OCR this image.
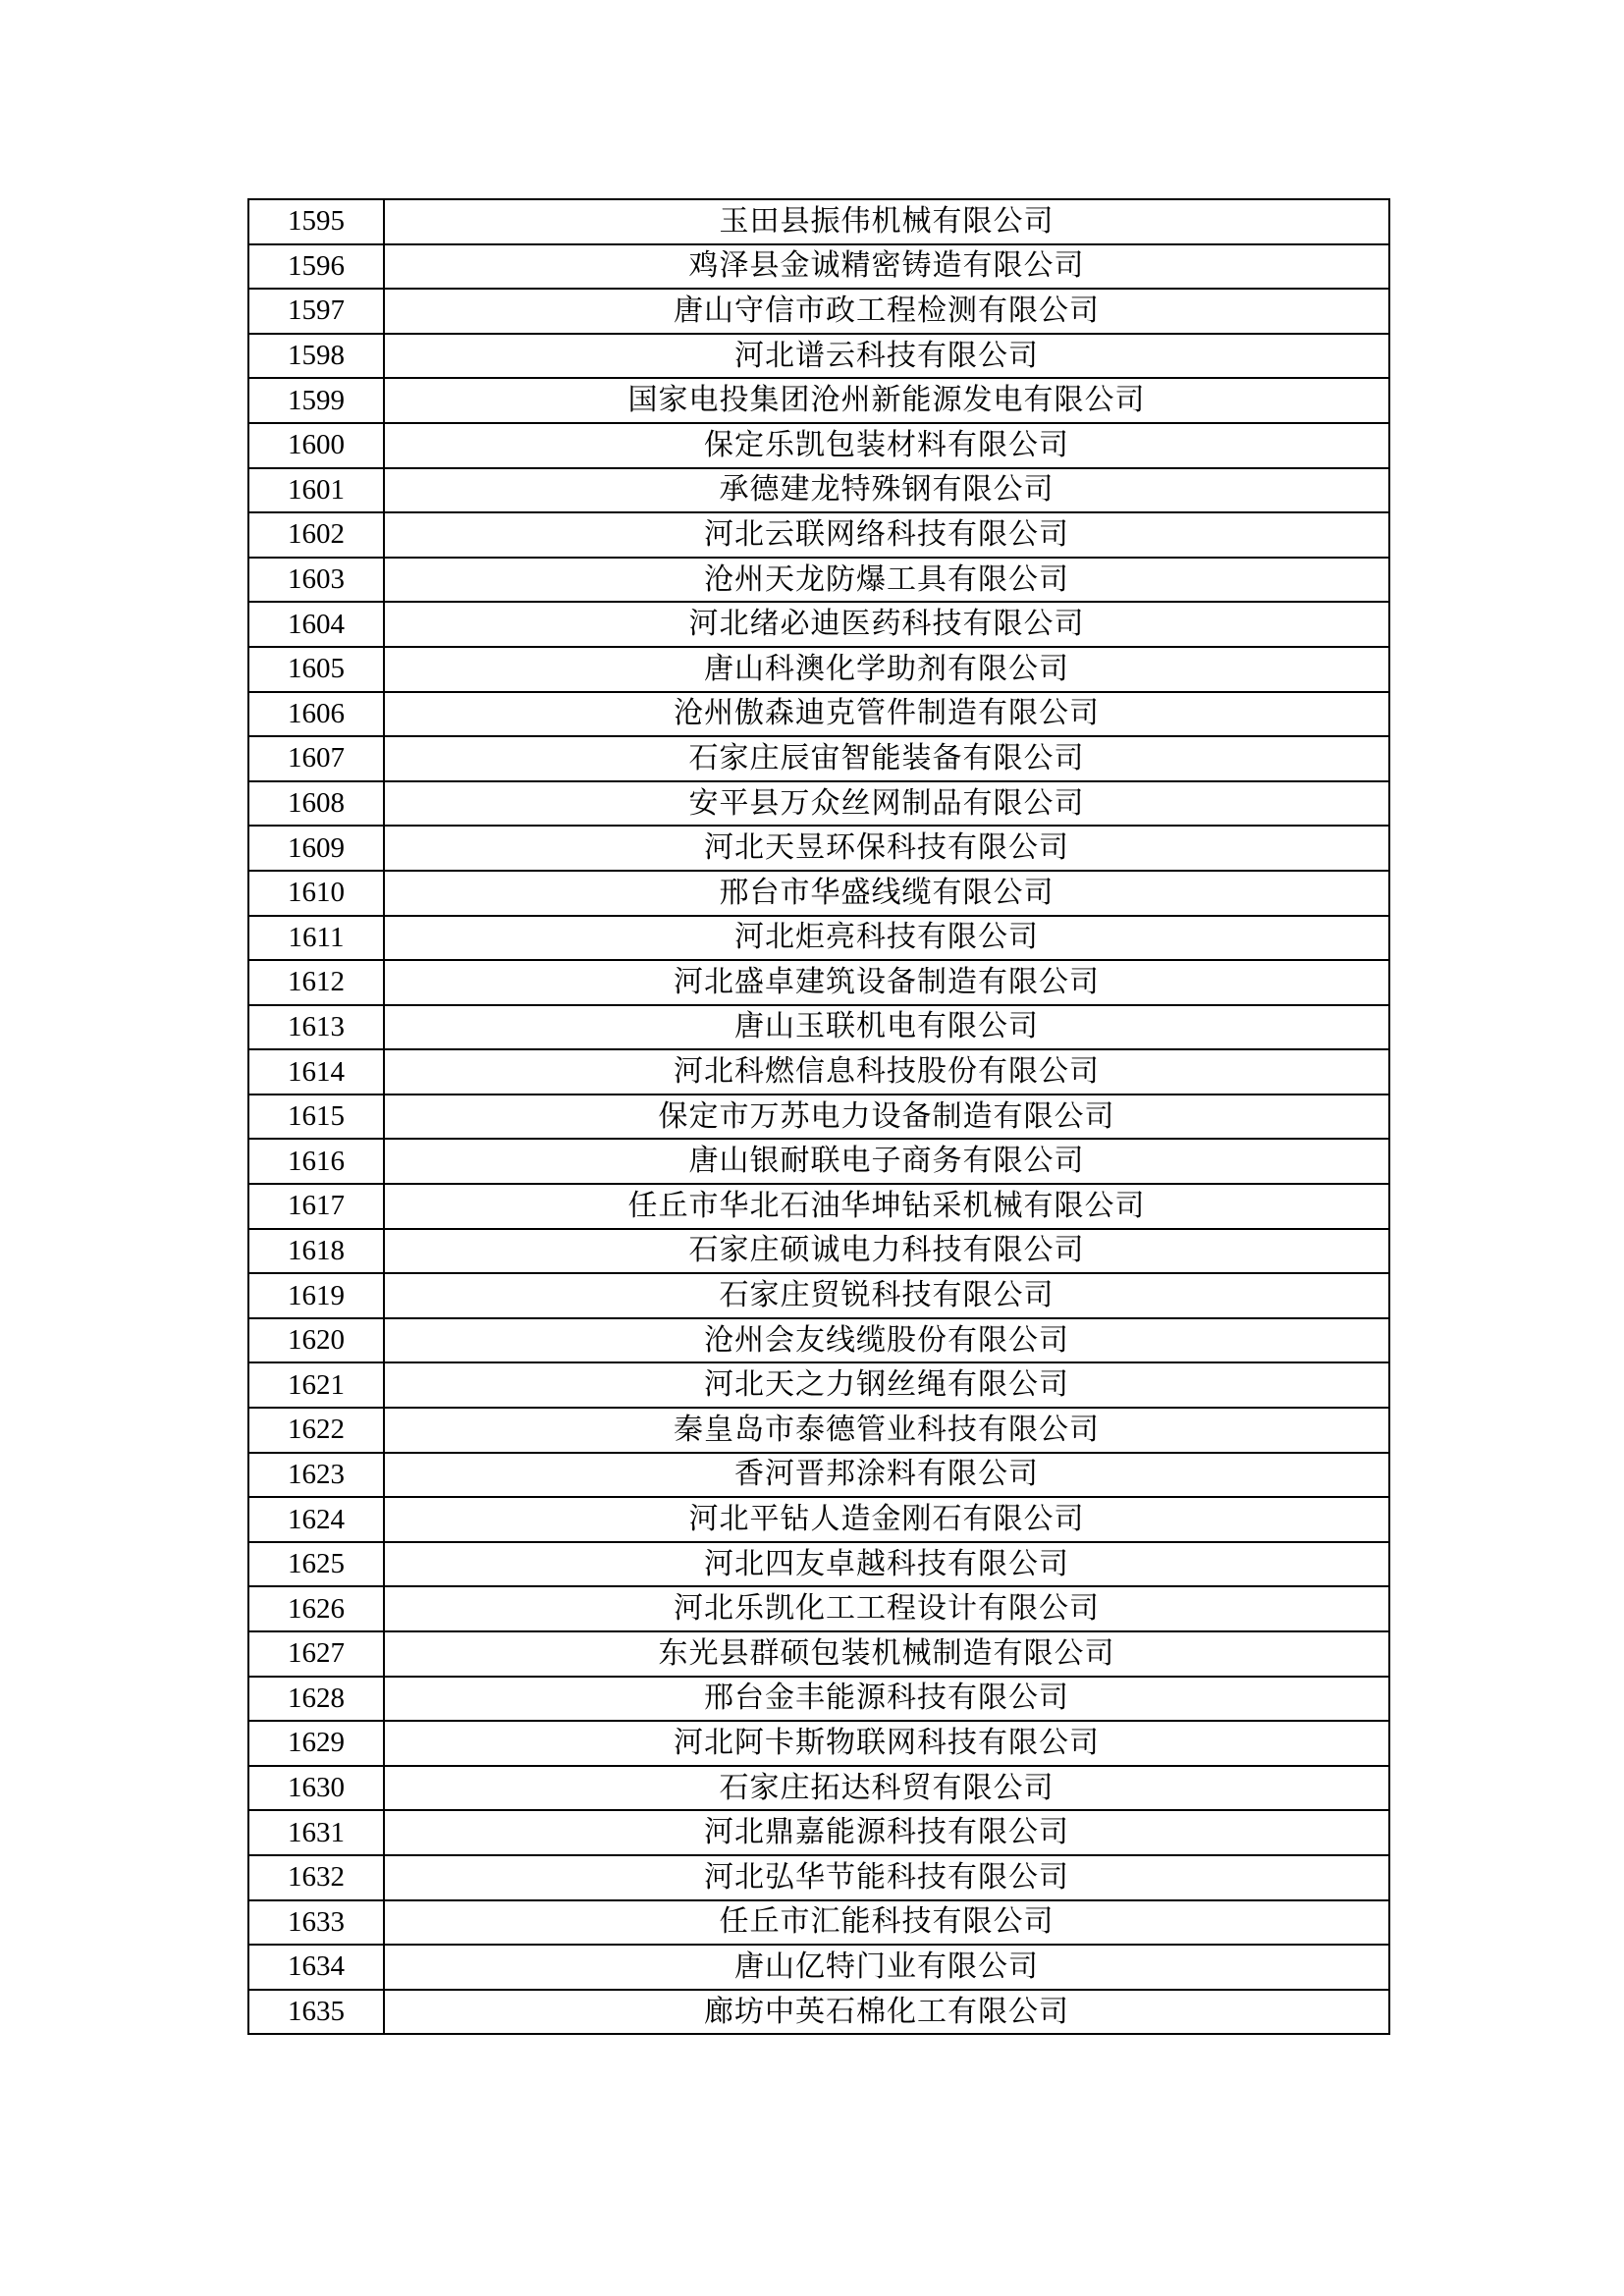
1595	玉田县振伟机械有限公司
1596	鸡泽县金诚精密铸造有限公司
1597	唐山守信市政工程检测有限公司
1598	河北谱云科技有限公司
1599	国家电投集团沧州新能源发电有限公司
1600	保定乐凯包装材料有限公司
1601	承德建龙特殊钢有限公司
1602	河北云联网络科技有限公司
1603	沧州天龙防爆工具有限公司
1604	河北绪必迪医药科技有限公司
1605	唐山科澳化学助剂有限公司
1606	沧州傲森迪克管件制造有限公司
1607	石家庄辰宙智能装备有限公司
1608	安平县万众丝网制品有限公司
1609	河北天昱环保科技有限公司
1610	邢台市华盛线缆有限公司
1611	河北炬亮科技有限公司
1612	河北盛卓建筑设备制造有限公司
1613	唐山玉联机电有限公司
1614	河北科燃信息科技股份有限公司
1615	保定市万苏电力设备制造有限公司
1616	唐山银耐联电子商务有限公司
1617	任丘市华北石油华坤钻采机械有限公司
1618	石家庄硕诚电力科技有限公司
1619	石家庄贸锐科技有限公司
1620	沧州会友线缆股份有限公司
1621	河北天之力钢丝绳有限公司
1622	秦皇岛市泰德管业科技有限公司
1623	香河晋邦涂料有限公司
1624	河北平钻人造金刚石有限公司
1625	河北四友卓越科技有限公司
1626	河北乐凯化工工程设计有限公司
1627	东光县群硕包装机械制造有限公司
1628	邢台金丰能源科技有限公司
1629	河北阿卡斯物联网科技有限公司
1630	石家庄拓达科贸有限公司
1631	河北鼎嘉能源科技有限公司
1632	河北弘华节能科技有限公司
1633	任丘市汇能科技有限公司
1634	唐山亿特门业有限公司
1635	廊坊中英石棉化工有限公司
